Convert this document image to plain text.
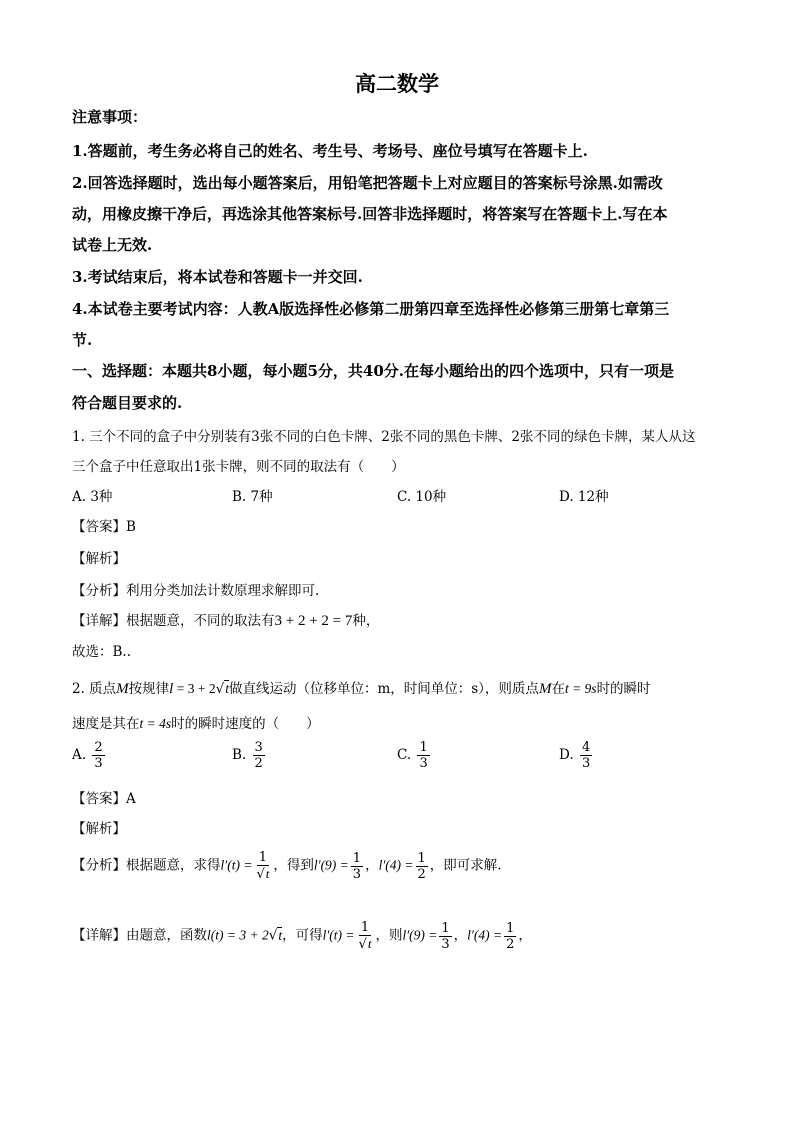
高二数学
注意事项：
1.答题前，考生务必将自己的姓名、考生号、考场号、座位号填写在答题卡上.
2.回答选择题时，选出每小题答案后，用铅笔把答题卡上对应题目的答案标号涂黑.如需改
动，用橡皮擦干净后，再选涂其他答案标号.回答非选择题时，将答案写在答题卡上.写在本
试卷上无效.
3.考试结束后，将本试卷和答题卡一并交回.
4.本试卷主要考试内容：人教A版选择性必修第二册第四章至选择性必修第三册第七章第三
节.
一、选择题：本题共8小题，每小题5分，共40分.在每小题给出的四个选项中，只有一项是
符合题目要求的.
1. 三个不同的盒子中分别装有3张不同的白色卡牌、2张不同的黑色卡牌、2张不同的绿色卡牌，某人从这
三个盒子中任意取出1张卡牌，则不同的取法有（　　）
A. 3种	B. 7种	C. 10种	D. 12种
【答案】B
【解析】
【分析】利用分类加法计数原理求解即可.
【详解】根据题意，不同的取法有3 + 2 + 2 = 7种，
故选：B..
2. 质点M按规律l = 3 + 2√t做直线运动（位移单位：m，时间单位：s），则质点M在t = 9s时的瞬时
速度是其在t = 4s时的瞬时速度的（　　）
A. $\frac{2}{3}$	B. $\frac{3}{2}$	C. $\frac{1}{3}$	D. $\frac{4}{3}$
【答案】A
【解析】
【分析】根据题意，求得$l'(t) = \frac{1}{√t}$ ，得到$l'(9) = \frac{1}{3}$ ，$l'(4) = \frac{1}{2}$ ，即可求解.
【详解】由题意，函数l(t) = 3 + 2√t，可得$l'(t) = \frac{1}{√t}$ ，则$l'(9) = \frac{1}{3}$ ，$l'(4) = \frac{1}{2}$ ，
